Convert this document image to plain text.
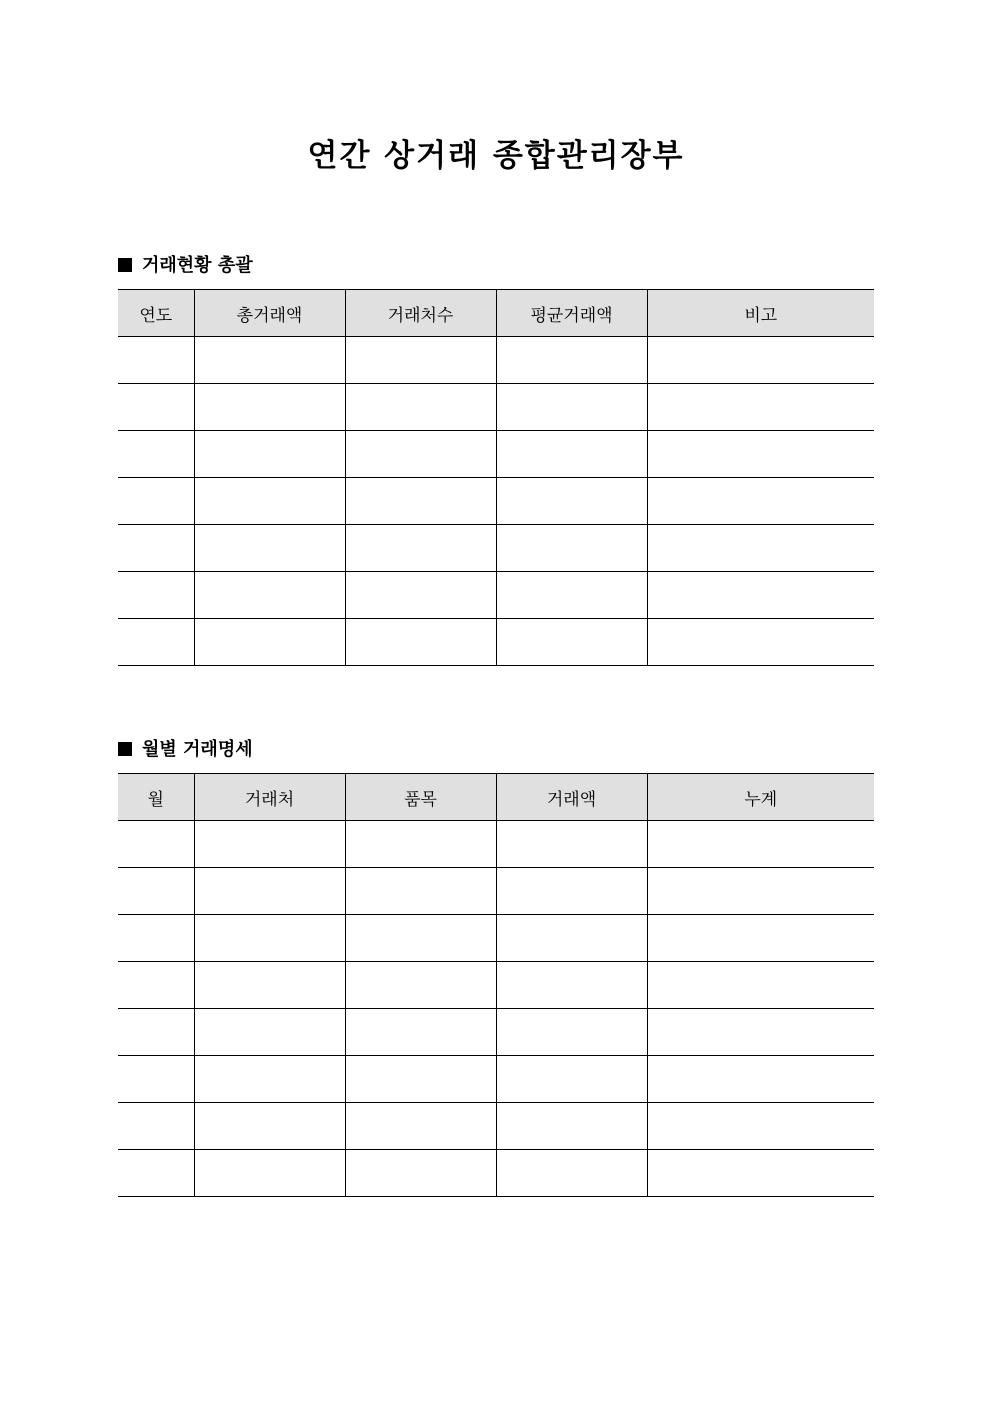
연간 상거래 종합관리장부
거래현황 총괄
연도	총거래액	거래처수	평균거래액	비고

월별 거래명세
월	거래처	품목	거래액	누계
